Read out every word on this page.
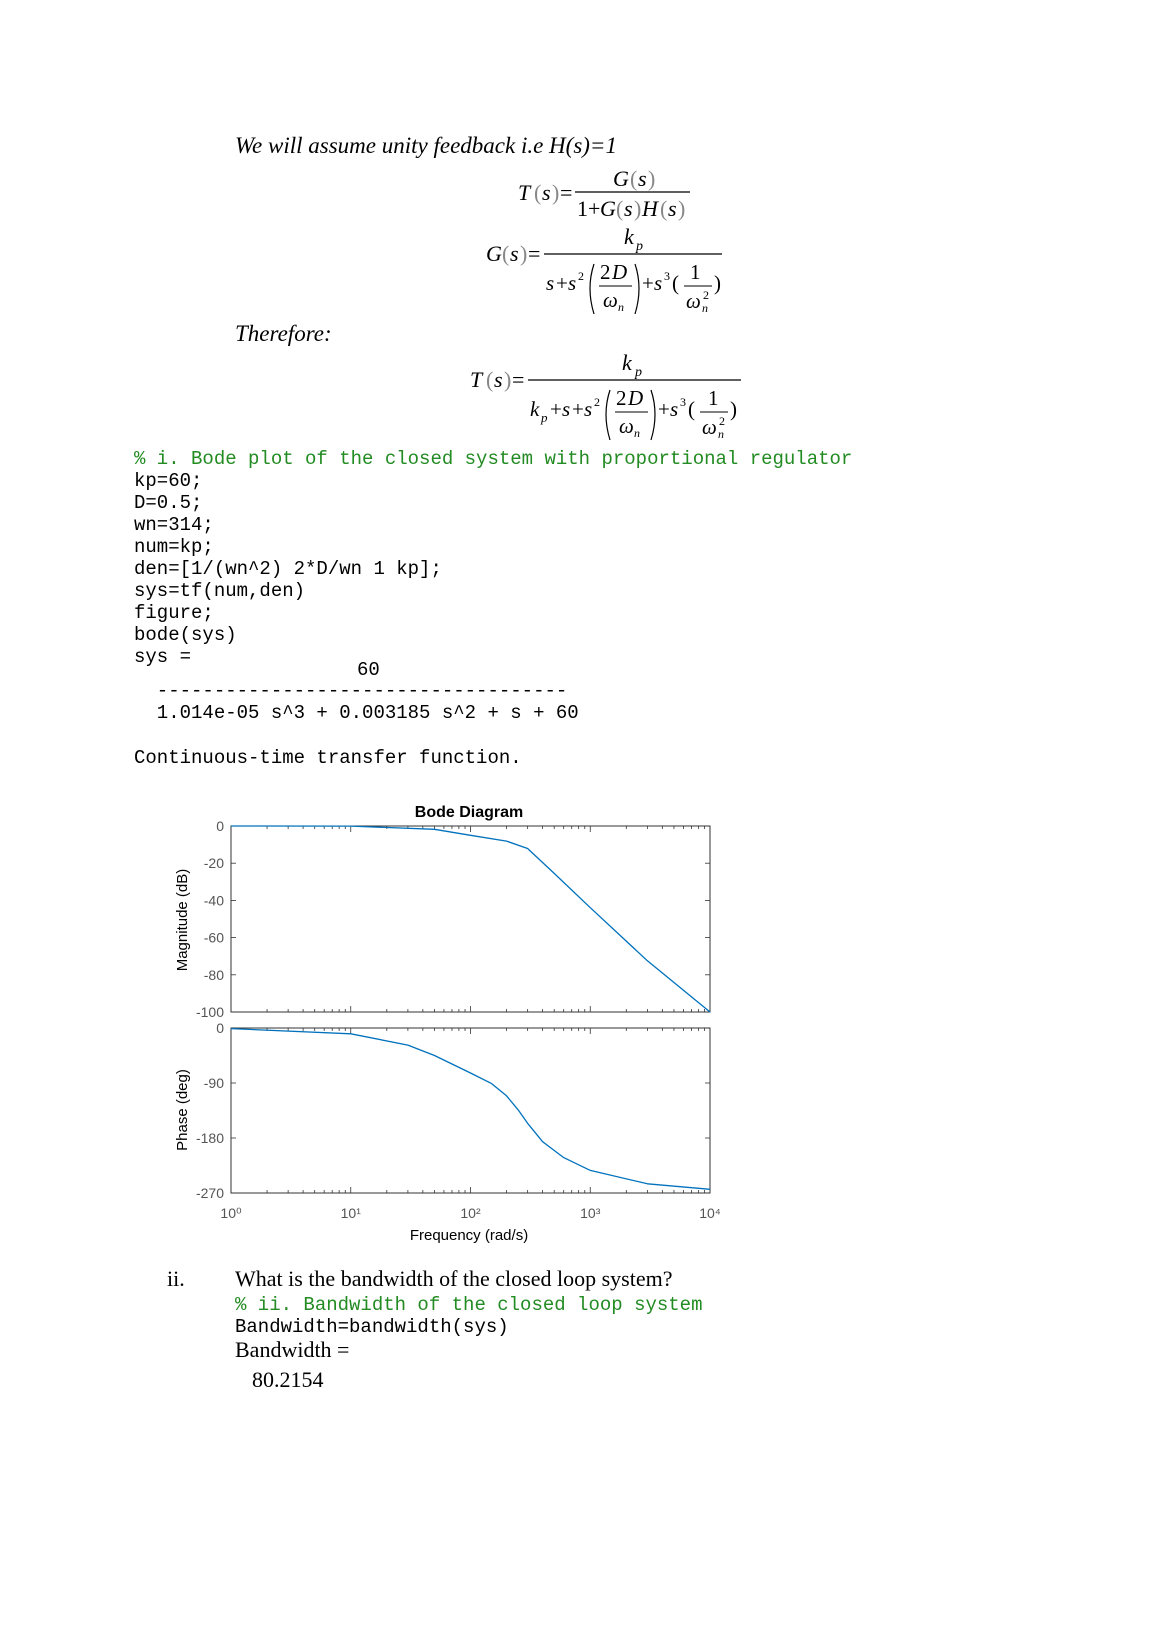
We will assume unity feedback i.e H(s)=1
T ( s ) =
G ( s )
1+ G ( s ) H ( s )
G ( s ) =
k p
s + s 2 2 D
ω n
+ s 3 ( 1
ω 2
n
)
Therefore:
T ( s ) =
k p
k p + s + s 2 2 D
ω n
+ s 3 ( 1
ω 2
n
)
% i. Bode plot of the closed system with proportional regulator
kp=60;
D=0.5;
wn=314;
num=kp;
den=[1/(wn^2) 2*D/wn 1 kp];
sys=tf(num,den)
figure;
bode(sys)
sys =
60
------------------------------------
1.014e-05 s^3 + 0.003185 s^2 + s + 60
Continuous-time transfer function.
Bode Diagram
0
-20
-40
-60
-80
-100
0
-90
-180
-270
10⁰	10¹	10²	10³	10⁴
Magnitude (dB)
Phase (deg)
Frequency (rad/s)
ii. What is the bandwidth of the closed loop system?
% ii. Bandwidth of the closed loop system
Bandwidth=bandwidth(sys)
Bandwidth =
80.2154
